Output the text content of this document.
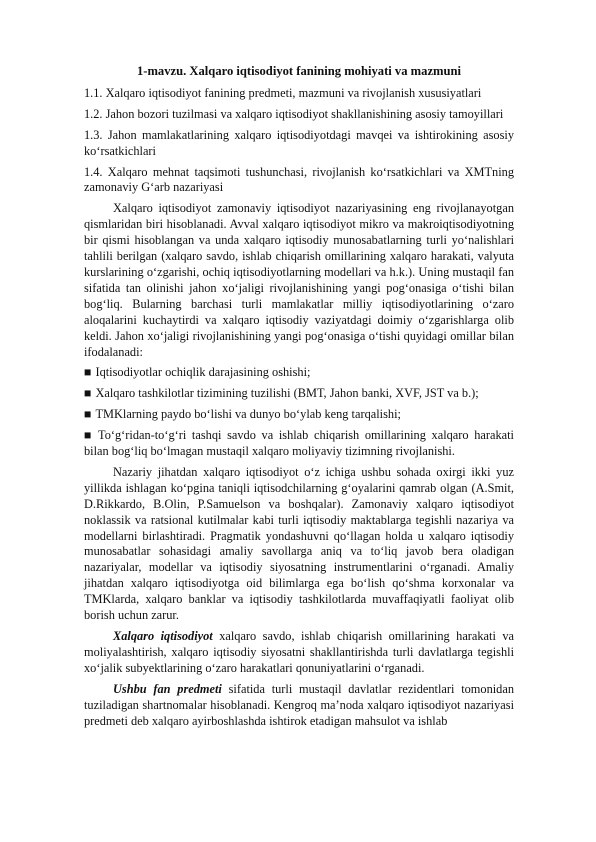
1-mavzu. Xalqaro iqtisodiyot fanining mohiyati va mazmuni
1.1. Xalqaro iqtisodiyot fanining predmeti, mazmuni va rivojlanish xususiyatlari
1.2. Jahon bozori tuzilmasi va xalqaro iqtisodiyot shakllanishining asosiy tamoyillari
1.3. Jahon mamlakatlarining xalqaro iqtisodiyotdagi mavqei va ishtirokining asosiy ko‘rsatkichlari
1.4. Xalqaro mehnat taqsimoti tushunchasi, rivojlanish ko‘rsatkichlari va XMTning zamonaviy G‘arb nazariyasi

Xalqaro iqtisodiyot zamonaviy iqtisodiyot nazariyasining eng rivojlanayotgan qismlaridan biri hisoblanadi. Avval xalqaro iqtisodiyot mikro va makroiqtisodiyotning bir qismi hisoblangan va unda xalqaro iqtisodiy munosabatlarning turli yo‘nalishlari tahlili berilgan (xalqaro savdo, ishlab chiqarish omillarining xalqaro harakati, valyuta kurslarining o‘zgarishi, ochiq iqtisodiyotlarning modellari va h.k.). Uning mustaqil fan sifatida tan olinishi jahon xo‘jaligi rivojlanishining yangi pog‘onasiga o‘tishi bilan bog‘liq. Bularning barchasi turli mamlakatlar milliy iqtisodiyotlarining o‘zaro aloqalarini kuchaytirdi va xalqaro iqtisodiy vaziyatdagi doimiy o‘zgarishlarga olib keldi. Jahon xo‘jaligi rivojlanishining yangi pog‘onasiga o‘tishi quyidagi omillar bilan ifodalanadi:

■ Iqtisodiyotlar ochiqlik darajasining oshishi;
■ Xalqaro tashkilotlar tizimining tuzilishi (BMT, Jahon banki, XVF, JST va b.);
■ TMKlarning paydo bo‘lishi va dunyo bo‘ylab keng tarqalishi;
■ To‘g‘ridan-to‘g‘ri tashqi savdo va ishlab chiqarish omillarining xalqaro harakati bilan bog‘liq bo‘lmagan mustaqil xalqaro moliyaviy tizimning rivojlanishi.

Nazariy jihatdan xalqaro iqtisodiyot o‘z ichiga ushbu sohada oxirgi ikki yuz yillikda ishlagan ko‘pgina taniqli iqtisodchilarning g‘oyalarini qamrab olgan (A.Smit, D.Rikkardo, B.Olin, P.Samuelson va boshqalar). Zamonaviy xalqaro iqtisodiyot noklassik va ratsional kutilmalar kabi turli iqtisodiy maktablarga tegishli nazariya va modellarni birlashtiradi. Pragmatik yondashuvni qo‘llagan holda u xalqaro iqtisodiy munosabatlar sohasidagi amaliy savollarga aniq va to‘liq javob bera oladigan nazariyalar, modellar va iqtisodiy siyosatning instrumentlarini o‘rganadi. Amaliy jihatdan xalqaro iqtisodiyotga oid bilimlarga ega bo‘lish qo‘shma korxonalar va TMKlarda, xalqaro banklar va iqtisodiy tashkilotlarda muvaffaqiyatli faoliyat olib borish uchun zarur.

Xalqaro iqtisodiyot xalqaro savdo, ishlab chiqarish omillarining harakati va moliyalashtirish, xalqaro iqtisodiy siyosatni shakllantirishda turli davlatlarga tegishli xo‘jalik subyektlarining o‘zaro harakatlari qonuniyatlarini o‘rganadi.

Ushbu fan predmeti sifatida turli mustaqil davlatlar rezidentlari tomonidan tuziladigan shartnomalar hisoblanadi. Kengroq ma’noda xalqaro iqtisodiyot nazariyasi predmeti deb xalqaro ayirboshlashda ishtirok etadigan mahsulot va ishlab
